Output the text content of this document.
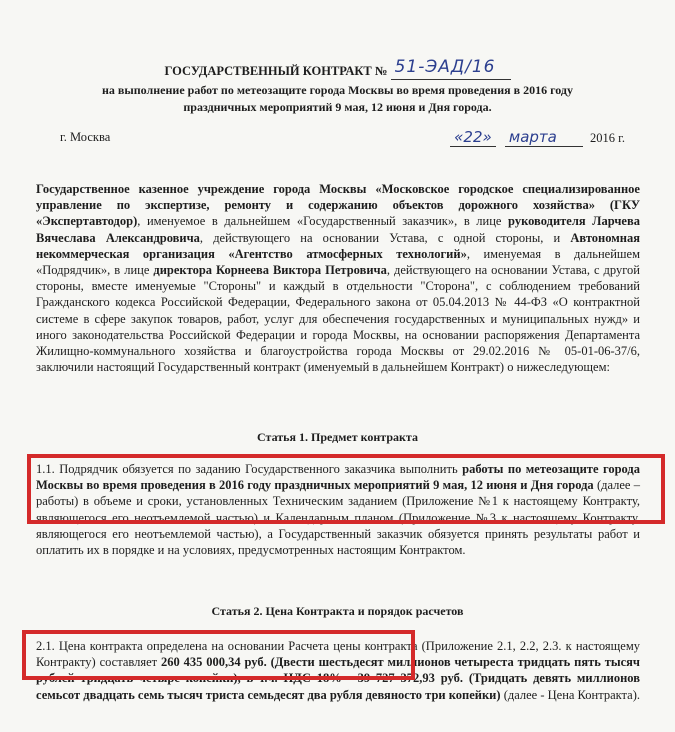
ГОСУДАРСТВЕННЫЙ КОНТРАКТ № 51-ЭАД/16
на выполнение работ по метеозащите города Москвы во время проведения в 2016 году
праздничных мероприятий 9 мая, 12 июня и Дня города.
г. Москва	«22» марта	2016 г.
Государственное казенное учреждение города Москвы «Московское городское специализированное управление по экспертизе, ремонту и содержанию объектов дорожного хозяйства» (ГКУ «Экспертавтодор), именуемое в дальнейшем «Государственный заказчик», в лице руководителя Ларчева Вячеслава Александровича, действующего на основании Устава, с одной стороны, и Автономная некоммерческая организация «Агентство атмосферных технологий», именуемая в дальнейшем «Подрядчик», в лице директора Корнеева Виктора Петровича, действующего на основании Устава, с другой стороны, вместе именуемые "Стороны" и каждый в отдельности "Сторона", с соблюдением требований Гражданского кодекса Российской Федерации, Федерального закона от 05.04.2013 № 44-ФЗ «О контрактной системе в сфере закупок товаров, работ, услуг для обеспечения государственных и муниципальных нужд» и иного законодательства Российской Федерации и города Москвы, на основании распоряжения Департамента Жилищно-коммунального хозяйства и благоустройства города Москвы от 29.02.2016 № 05-01-06-37/6, заключили настоящий Государственный контракт (именуемый в дальнейшем Контракт) о нижеследующем:
Статья 1. Предмет контракта
1.1. Подрядчик обязуется по заданию Государственного заказчика выполнить работы по метеозащите города Москвы во время проведения в 2016 году праздничных мероприятий 9 мая, 12 июня и Дня города (далее – работы) в объеме и сроки, установленных Техническим заданием (Приложение №1 к настоящему Контракту, являющегося его неотъемлемой частью) и Календарным планом (Приложение №3 к настоящему Контракту, являющегося его неотъемлемой частью), а Государственный заказчик обязуется принять результаты работ и оплатить их в порядке и на условиях, предусмотренных настоящим Контрактом.
Статья 2. Цена Контракта и порядок расчетов
2.1. Цена контракта определена на основании Расчета цены контракта (Приложение 2.1, 2.2, 2.3. к настоящему Контракту) составляет 260 435 000,34 руб. (Двести шестьдесят миллионов четыреста тридцать пять тысяч рублей тридцать четыре копейки), в т.ч. НДС 18% - 39 727 372,93 руб. (Тридцать девять миллионов семьсот двадцать семь тысяч триста семьдесят два рубля девяносто три копейки) (далее - Цена Контракта).
